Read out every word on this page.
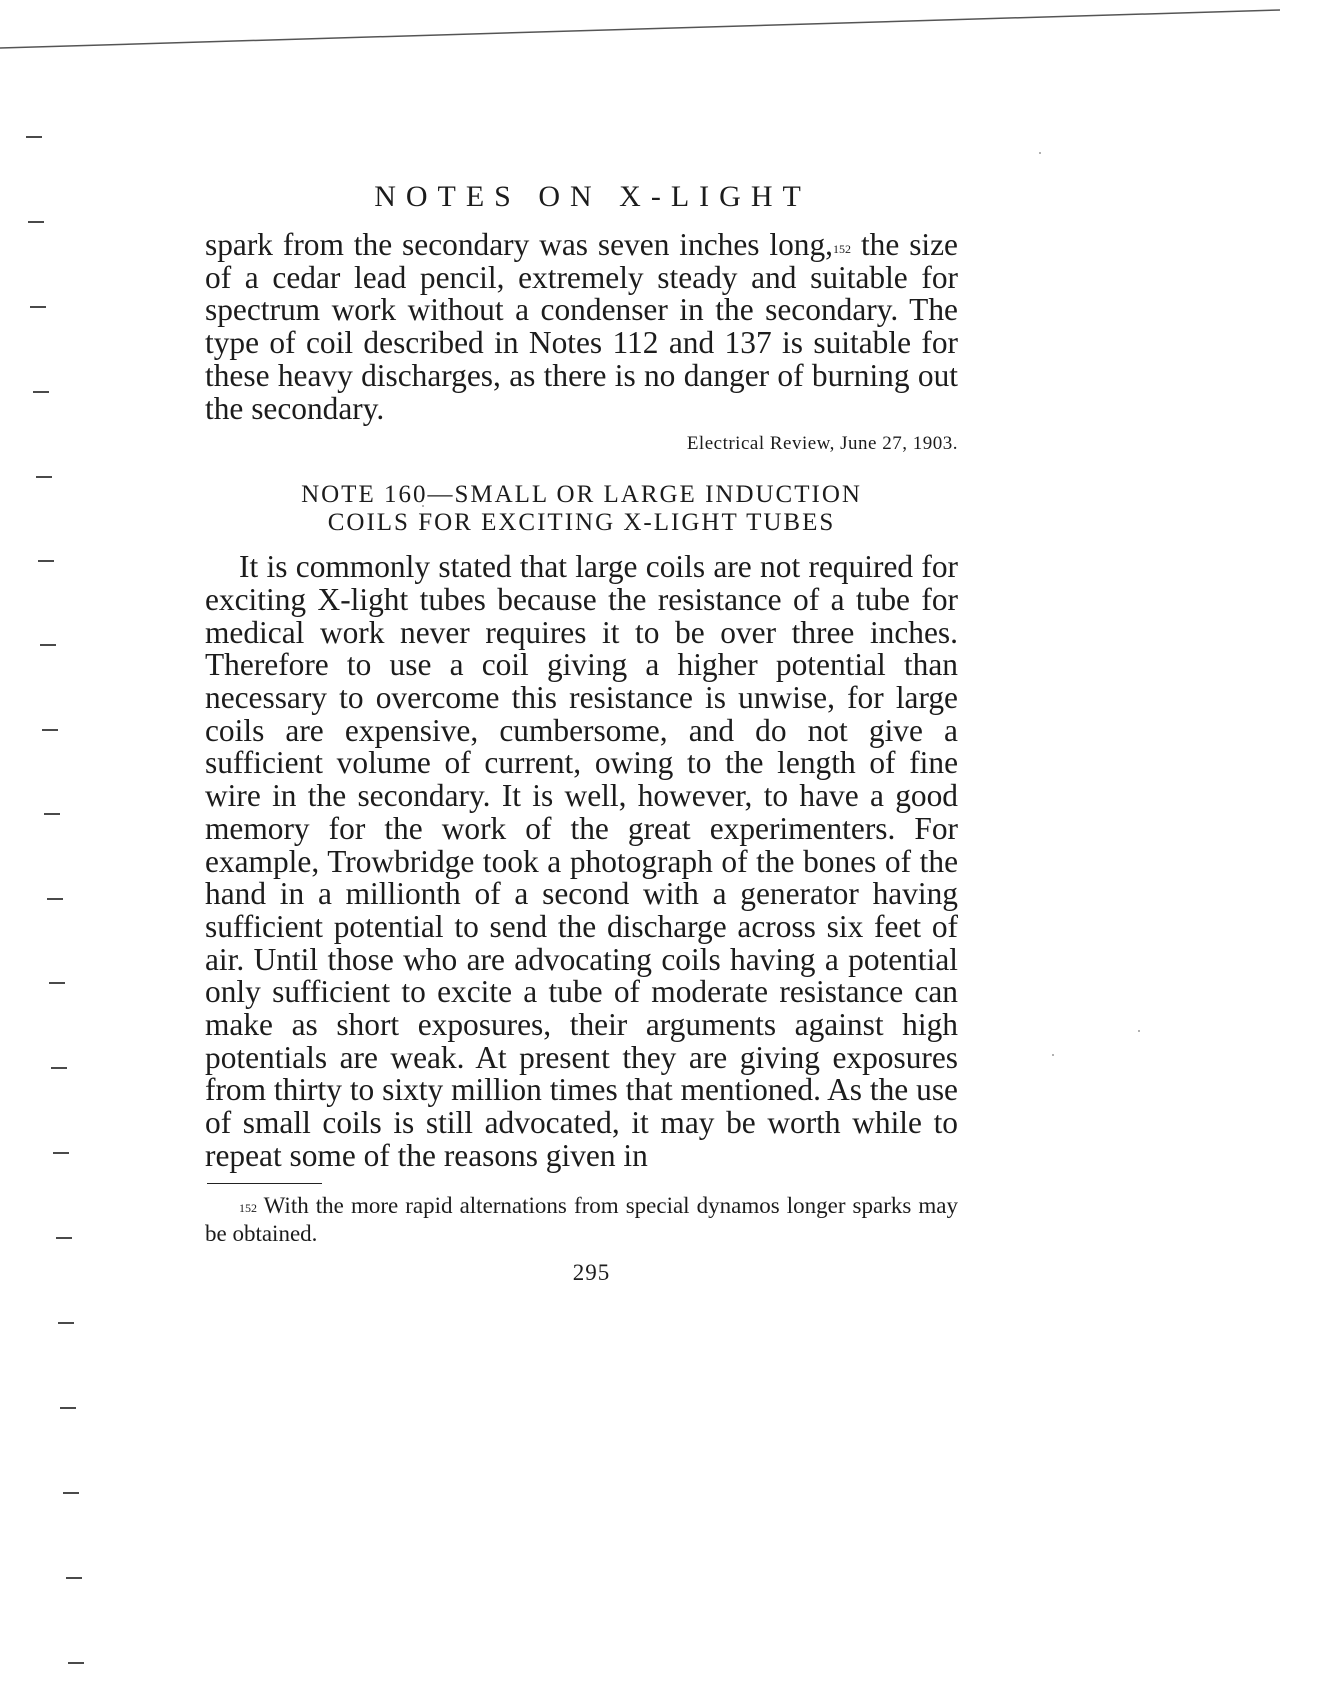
NOTES ON X-LIGHT

spark from the secondary was seven inches long,$^{152}$ the size of a cedar lead pencil, extremely steady and suitable for spectrum work without a condenser in the secondary. The type of coil described in Notes 112 and 137 is suitable for these heavy discharges, as there is no danger of burning out the secondary.

Electrical Review, June 27, 1903.
NOTE 160—SMALL OR LARGE INDUCTION
COILS FOR EXCITING X-LIGHT TUBES

It is commonly stated that large coils are not required for exciting X-light tubes because the resistance of a tube for medical work never requires it to be over three inches. Therefore to use a coil giving a higher potential than necessary to overcome this resistance is unwise, for large coils are expensive, cumbersome, and do not give a sufficient volume of current, owing to the length of fine wire in the secondary. It is well, however, to have a good memory for the work of the great experimenters. For example, Trowbridge took a photograph of the bones of the hand in a millionth of a second with a generator having sufficient potential to send the discharge across six feet of air. Until those who are advocating coils having a potential only sufficient to excite a tube of moderate resistance can make as short exposures, their arguments against high potentials are weak. At present they are giving exposures from thirty to sixty million times that mentioned. As the use of small coils is still advocated, it may be worth while to repeat some of the reasons given in

$^{152}$ With the more rapid alternations from special dynamos longer sparks may be obtained.

295
